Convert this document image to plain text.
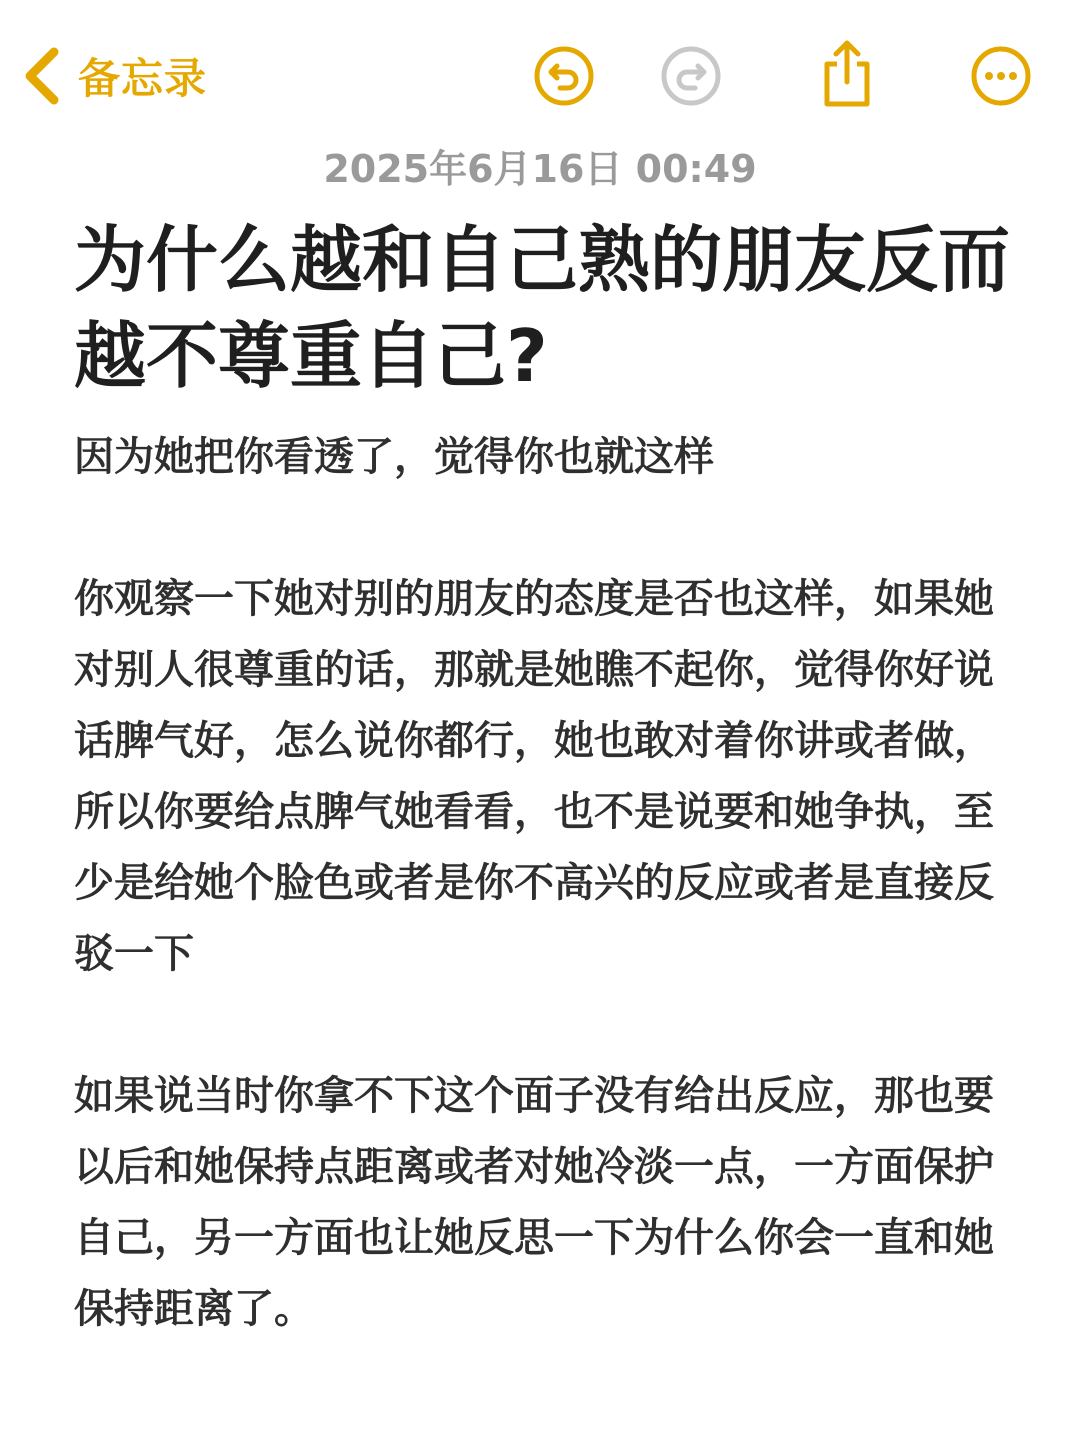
备忘录
2025年6月16日 00:49
为什么越和自己熟的朋友反而越不尊重自己?

因为她把你看透了，觉得你也就这样

你观察一下她对别的朋友的态度是否也这样，如果她对别人很尊重的话，那就是她瞧不起你，觉得你好说话脾气好，怎么说你都行，她也敢对着你讲或者做，所以你要给点脾气她看看，也不是说要和她争执，至少是给她个脸色或者是你不高兴的反应或者是直接反驳一下

如果说当时你拿不下这个面子没有给出反应，那也要以后和她保持点距离或者对她冷淡一点，一方面保护自己，另一方面也让她反思一下为什么你会一直和她保持距离了。
